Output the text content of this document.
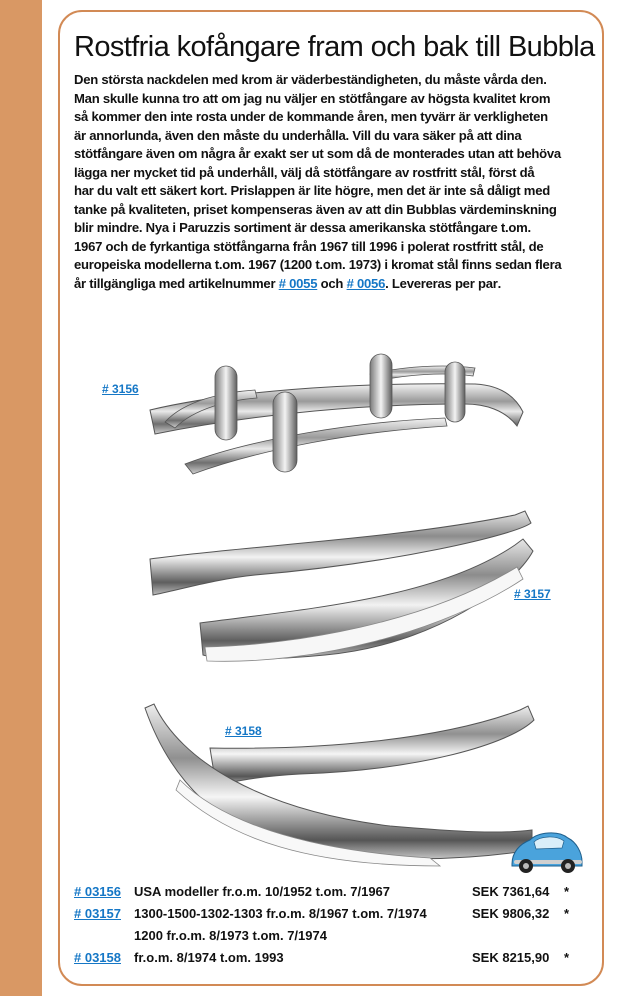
Rostfria kofångare fram och bak till Bubbla
Den största nackdelen med krom är väderbeständigheten, du måste vårda den.
Man skulle kunna tro att om jag nu väljer en stötfångare av högsta kvalitet krom
så kommer den inte rosta under de kommande åren, men tyvärr är verkligheten
är annorlunda, även den måste du underhålla. Vill du vara säker på att dina
stötfångare även om några år exakt ser ut som då de monterades utan att behöva
lägga ner mycket tid på underhåll, välj då stötfångare av rostfritt stål, först då
har du valt ett säkert kort. Prislappen är lite högre, men det är inte så dåligt med
tanke på kvaliteten, priset kompenseras även av att din Bubblas värdeminskning
blir mindre. Nya i Paruzzis sortiment är dessa amerikanska stötfångare t.om.
1967 och de fyrkantiga stötfångarna från 1967 till 1996 i polerat rostfritt stål, de
europeiska modellerna t.om. 1967 (1200 t.om. 1973) i kromat stål finns sedan flera
år tillgängliga med artikelnummer # 0055 och # 0056. Levereras per par.
# 3156
# 3157
# 3158
# 03156 USA modeller fr.o.m. 10/1952 t.om. 7/1967	SEK 7361,64 *
# 03157 1300-1500-1302-1303 fr.o.m. 8/1967 t.om. 7/1974	SEK 9806,32 *
1200 fr.o.m. 8/1973 t.om. 7/1974
# 03158 fr.o.m. 8/1974 t.om. 1993	SEK 8215,90 *
